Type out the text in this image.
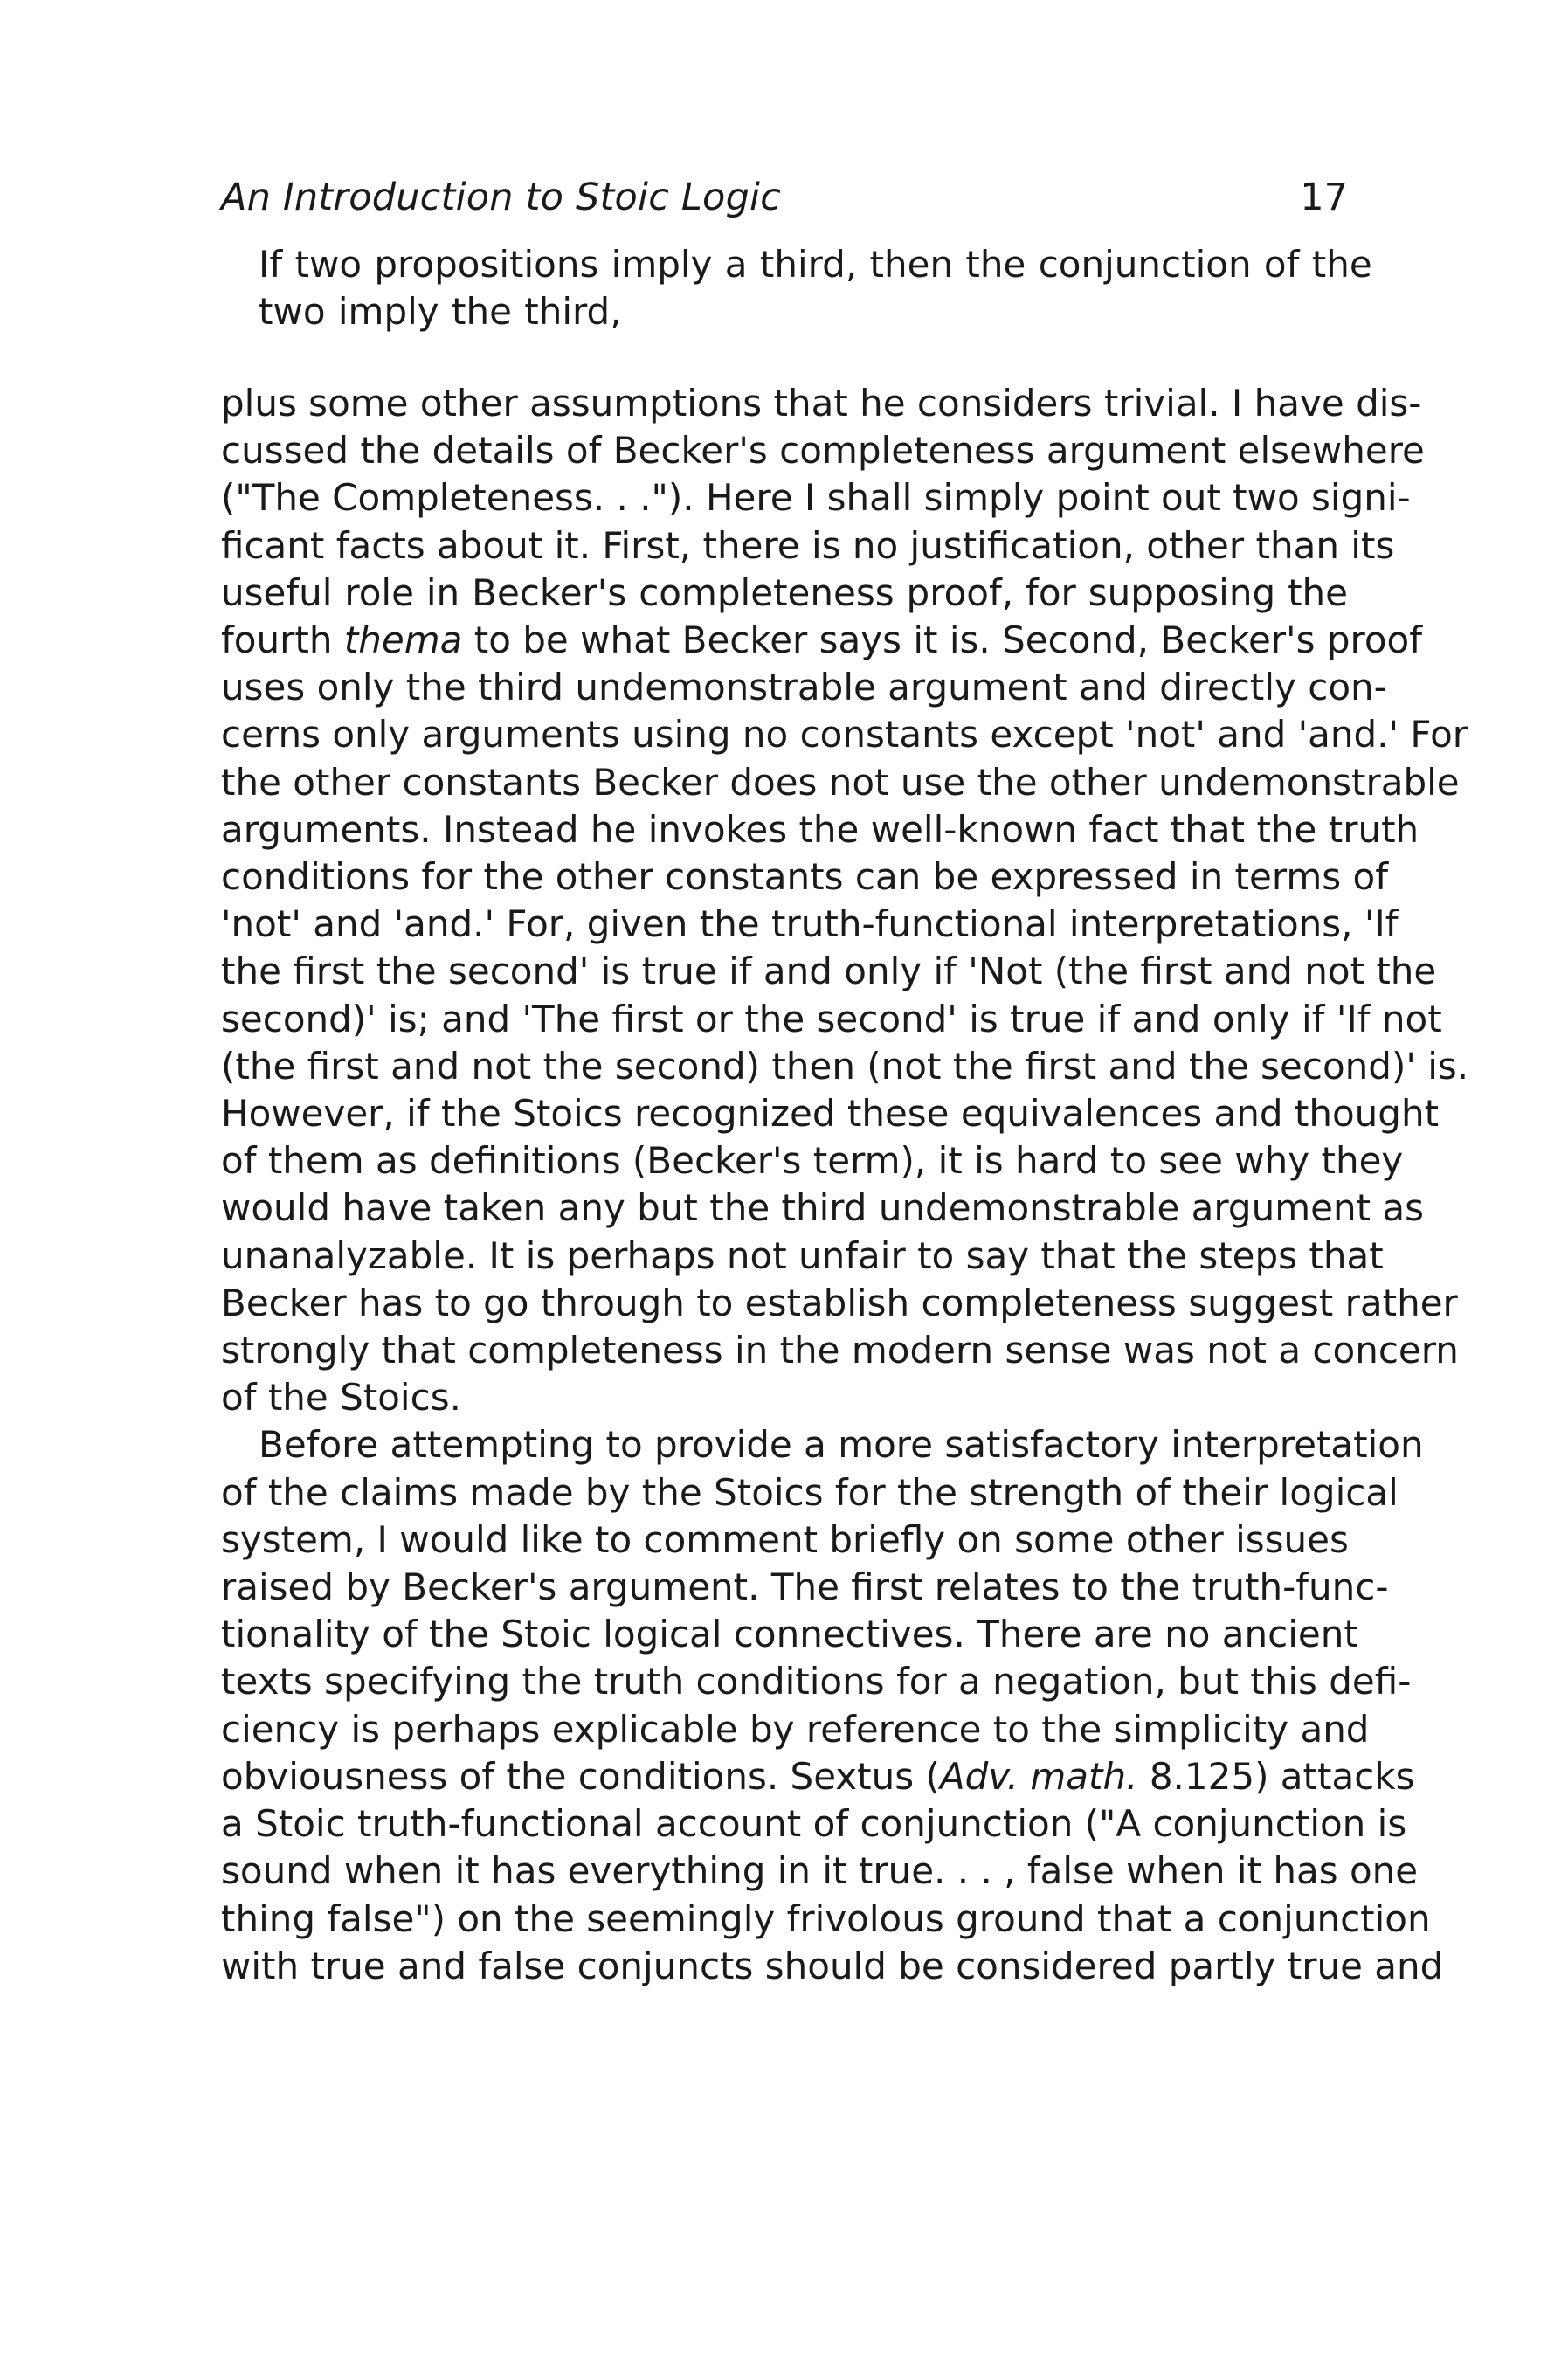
An Introduction to Stoic Logic	17
If two propositions imply a third, then the conjunction of the
two imply the third,

plus some other assumptions that he considers trivial. I have dis-
cussed the details of Becker's completeness argument elsewhere
("The Completeness. . ."). Here I shall simply point out two signi-
ficant facts about it. First, there is no justification, other than its
useful role in Becker's completeness proof, for supposing the
fourth thema to be what Becker says it is. Second, Becker's proof
uses only the third undemonstrable argument and directly con-
cerns only arguments using no constants except 'not' and 'and.' For
the other constants Becker does not use the other undemonstrable
arguments. Instead he invokes the well-known fact that the truth
conditions for the other constants can be expressed in terms of
'not' and 'and.' For, given the truth-functional interpretations, 'If
the first the second' is true if and only if 'Not (the first and not the
second)' is; and 'The first or the second' is true if and only if 'If not
(the first and not the second) then (not the first and the second)' is.
However, if the Stoics recognized these equivalences and thought
of them as definitions (Becker's term), it is hard to see why they
would have taken any but the third undemonstrable argument as
unanalyzable. It is perhaps not unfair to say that the steps that
Becker has to go through to establish completeness suggest rather
strongly that completeness in the modern sense was not a concern
of the Stoics.

Before attempting to provide a more satisfactory interpretation
of the claims made by the Stoics for the strength of their logical
system, I would like to comment briefly on some other issues
raised by Becker's argument. The first relates to the truth-func-
tionality of the Stoic logical connectives. There are no ancient
texts specifying the truth conditions for a negation, but this defi-
ciency is perhaps explicable by reference to the simplicity and
obviousness of the conditions. Sextus (Adv. math. 8.125) attacks
a Stoic truth-functional account of conjunction ("A conjunction is
sound when it has everything in it true. . . , false when it has one
thing false") on the seemingly frivolous ground that a conjunction
with true and false conjuncts should be considered partly true and
